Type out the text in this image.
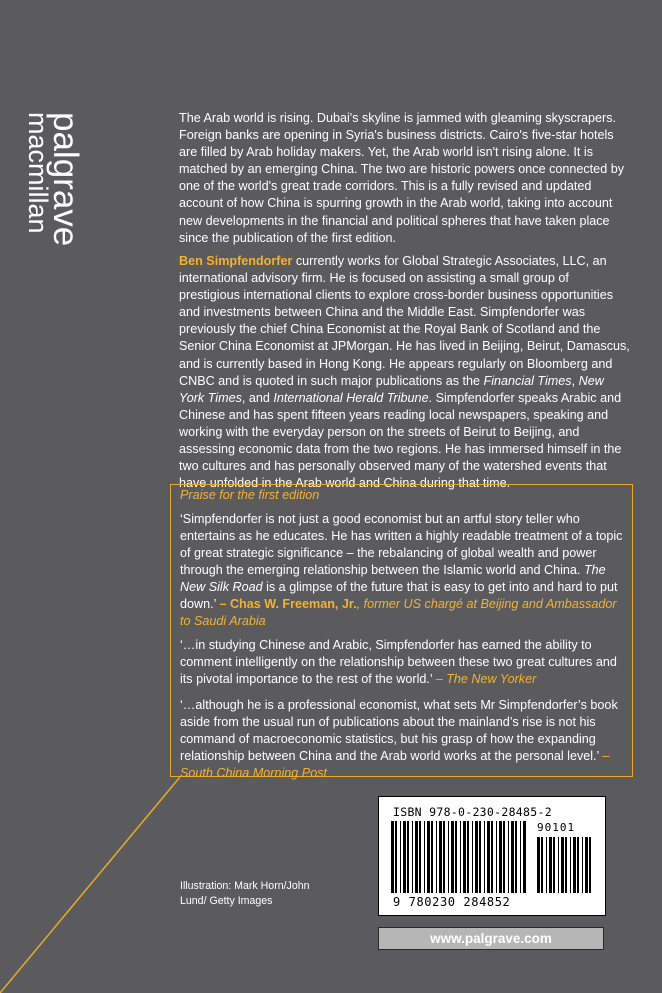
palgrave
macmillan	The Arab world is rising. Dubai's skyline is jammed with gleaming skyscrapers. Foreign banks are opening in Syria's business districts. Cairo's five-star hotels are filled by Arab holiday makers. Yet, the Arab world isn't rising alone. It is matched by an emerging China. The two are historic powers once connected by one of the world's great trade corridors. This is a fully revised and updated account of how China is spurring growth in the Arab world, taking into account new developments in the financial and political spheres that have taken place since the publication of the first edition.

Ben Simpfendorfer currently works for Global Strategic Associates, LLC, an international advisory firm. He is focused on assisting a small group of prestigious international clients to explore cross-border business opportunities and investments between China and the Middle East. Simpfendorfer was previously the chief China Economist at the Royal Bank of Scotland and the Senior China Economist at JPMorgan. He has lived in Beijing, Beirut, Damascus, and is currently based in Hong Kong. He appears regularly on Bloomberg and CNBC and is quoted in such major publications as the Financial Times, New York Times, and International Herald Tribune. Simpfendorfer speaks Arabic and Chinese and has spent fifteen years reading local newspapers, speaking and working with the everyday person on the streets of Beirut to Beijing, and assessing economic data from the two regions. He has immersed himself in the two cultures and has personally observed many of the watershed events that have unfolded in the Arab world and China during that time.

Praise for the first edition

‘Simpfendorfer is not just a good economist but an artful story teller who entertains as he educates. He has written a highly readable treatment of a topic of great strategic significance – the rebalancing of global wealth and power through the emerging relationship between the Islamic world and China. The New Silk Road is a glimpse of the future that is easy to get into and hard to put down.’ – Chas W. Freeman, Jr., former US chargé at Beijing and Ambassador to Saudi Arabia

‘…in studying Chinese and Arabic, Simpfendorfer has earned the ability to comment intelligently on the relationship between these two great cultures and its pivotal importance to the rest of the world.’ – The New Yorker

‘…although he is a professional economist, what sets Mr Simpfendorfer’s book aside from the usual run of publications about the mainland’s rise is not his command of macroeconomic statistics, but his grasp of how the expanding relationship between China and the Arab world works at the personal level.’ – South China Morning Post

ISBN 978-0-230-28485-2
90101
9 780230 284852

Illustration: Mark Horn/John Lund/ Getty Images

www.palgrave.com
